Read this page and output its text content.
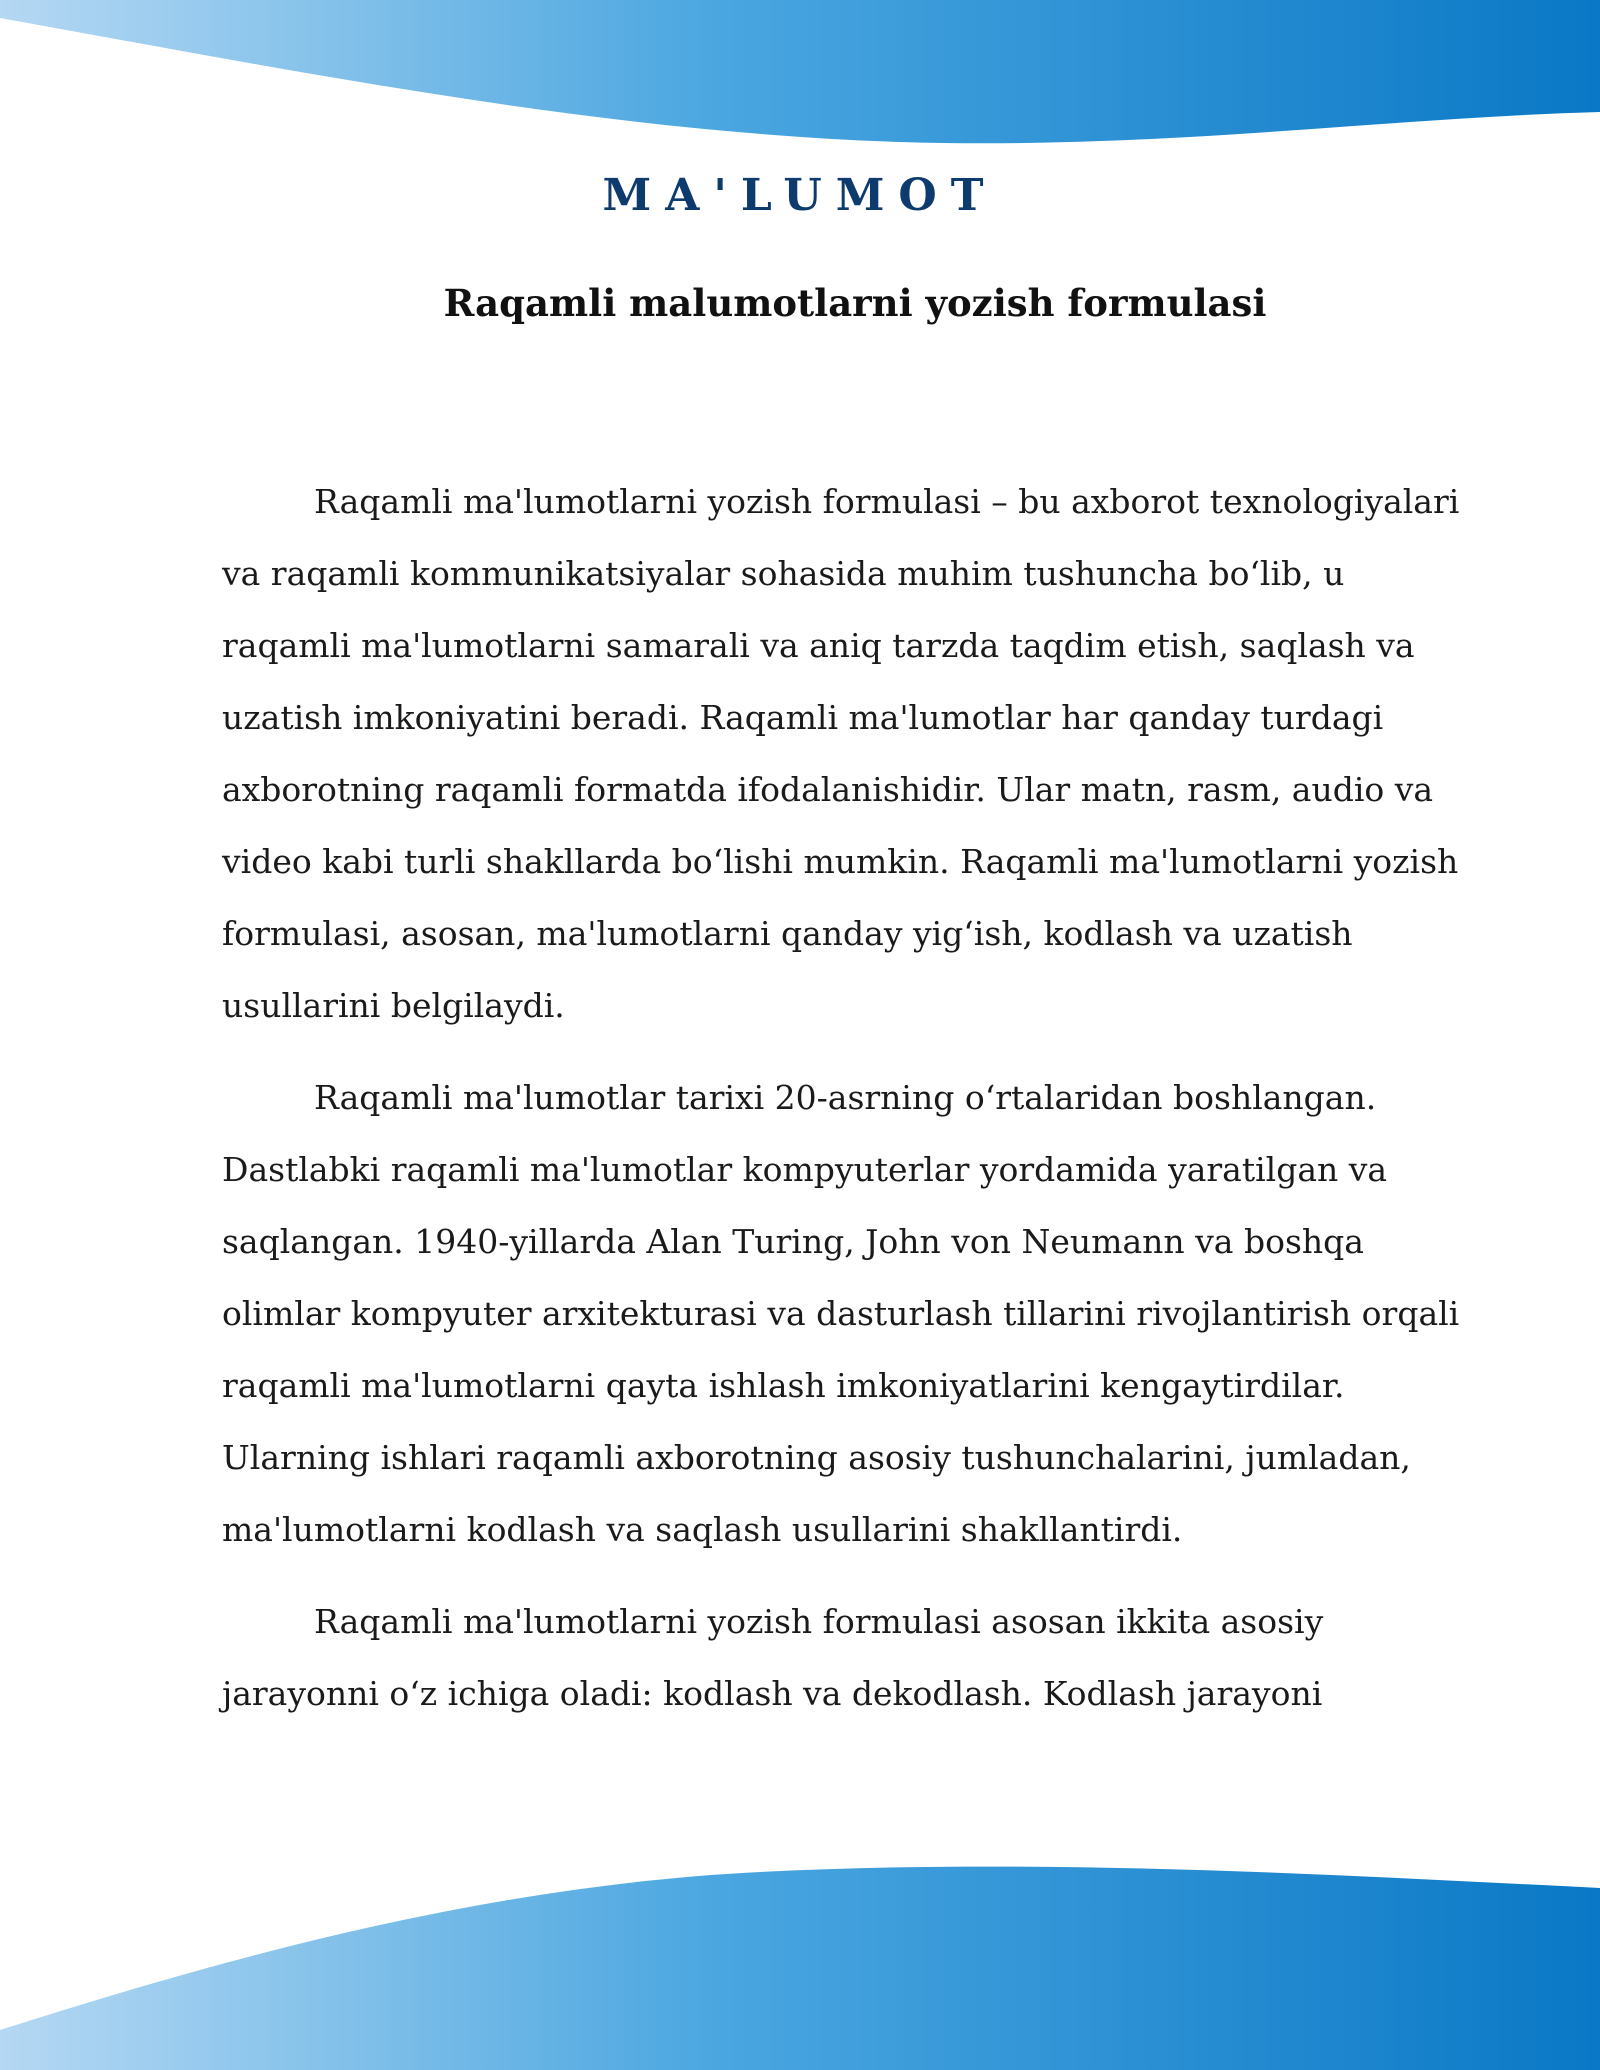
MA'LUMOT
Raqamli malumotlarni yozish formulasi

Raqamli ma'lumotlarni yozish formulasi – bu axborot texnologiyalari va raqamli kommunikatsiyalar sohasida muhim tushuncha bo‘lib, u raqamli ma'lumotlarni samarali va aniq tarzda taqdim etish, saqlash va uzatish imkoniyatini beradi. Raqamli ma'lumotlar har qanday turdagi axborotning raqamli formatda ifodalanishidir. Ular matn, rasm, audio va video kabi turli shakllarda bo‘lishi mumkin. Raqamli ma'lumotlarni yozish formulasi, asosan, ma'lumotlarni qanday yig‘ish, kodlash va uzatish usullarini belgilaydi.

Raqamli ma'lumotlar tarixi 20-asrning o‘rtalaridan boshlangan. Dastlabki raqamli ma'lumotlar kompyuterlar yordamida yaratilgan va saqlangan. 1940-yillarda Alan Turing, John von Neumann va boshqa olimlar kompyuter arxitekturasi va dasturlash tillarini rivojlantirish orqali raqamli ma'lumotlarni qayta ishlash imkoniyatlarini kengaytirdilar. Ularning ishlari raqamli axborotning asosiy tushunchalarini, jumladan, ma'lumotlarni kodlash va saqlash usullarini shakllantirdi.

Raqamli ma'lumotlarni yozish formulasi asosan ikkita asosiy jarayonni o‘z ichiga oladi: kodlash va dekodlash. Kodlash jarayoni
